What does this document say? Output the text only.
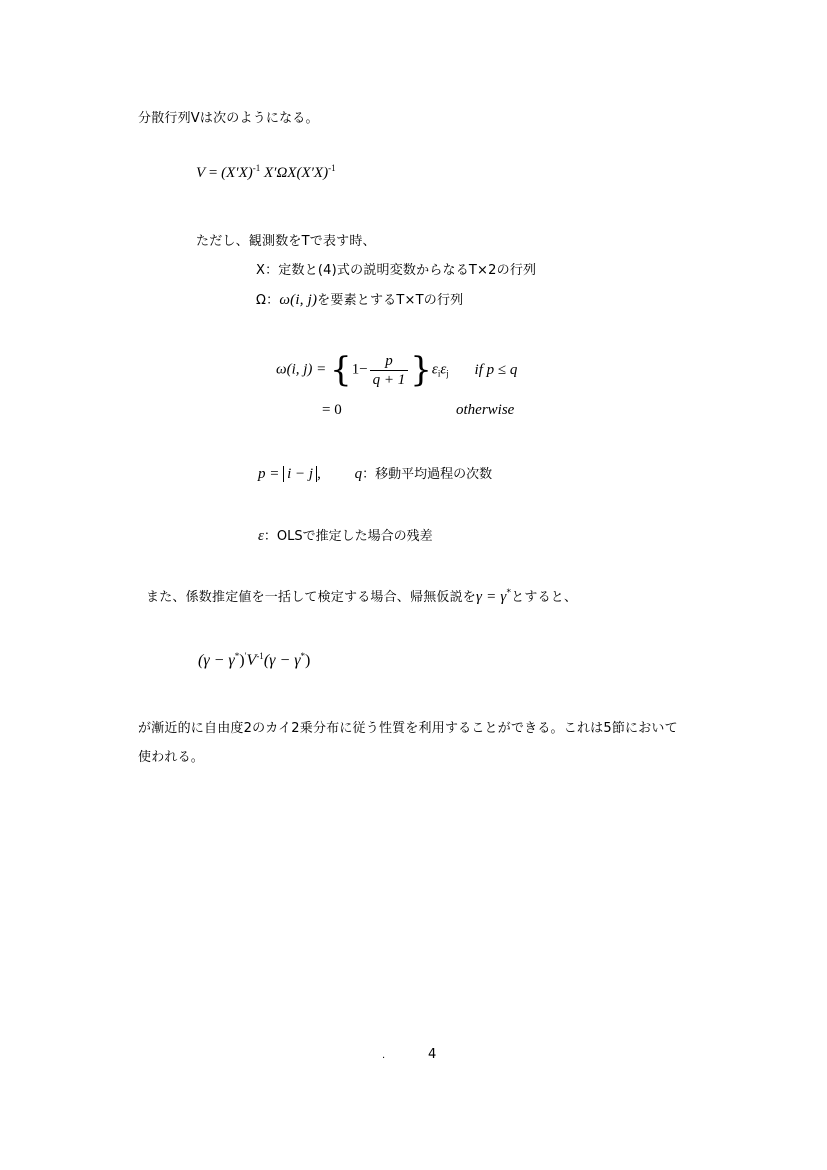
分散行列Vは次のようになる。
$V = (X'X)^{-1}$ $X'\Omega X(X'X)^{-1}$
ただし、観測数をTで表す時、
X：定数と(4)式の説明変数からなるT×2の行列
Ω：ω(i, j)を要素とするT×Tの行列
ω(i, $j) = \{1- \frac{p}{q + 1} \}\varepsilon_i\varepsilon_j$ if p ≤ q
= 0	otherwise
p = i − j , q：移動平均過程の次数
ε：OLSで推定した場合の残差
また、係数推定値を一括して検定する場合、帰無仮説をγ = γ*とすると、
$(\gamma - \gamma^*)'V^{-1}(\gamma - \gamma^*)$
が漸近的に自由度2のカイ2乗分布に従う性質を利用することができる。これは5節において
使われる。
.	4
